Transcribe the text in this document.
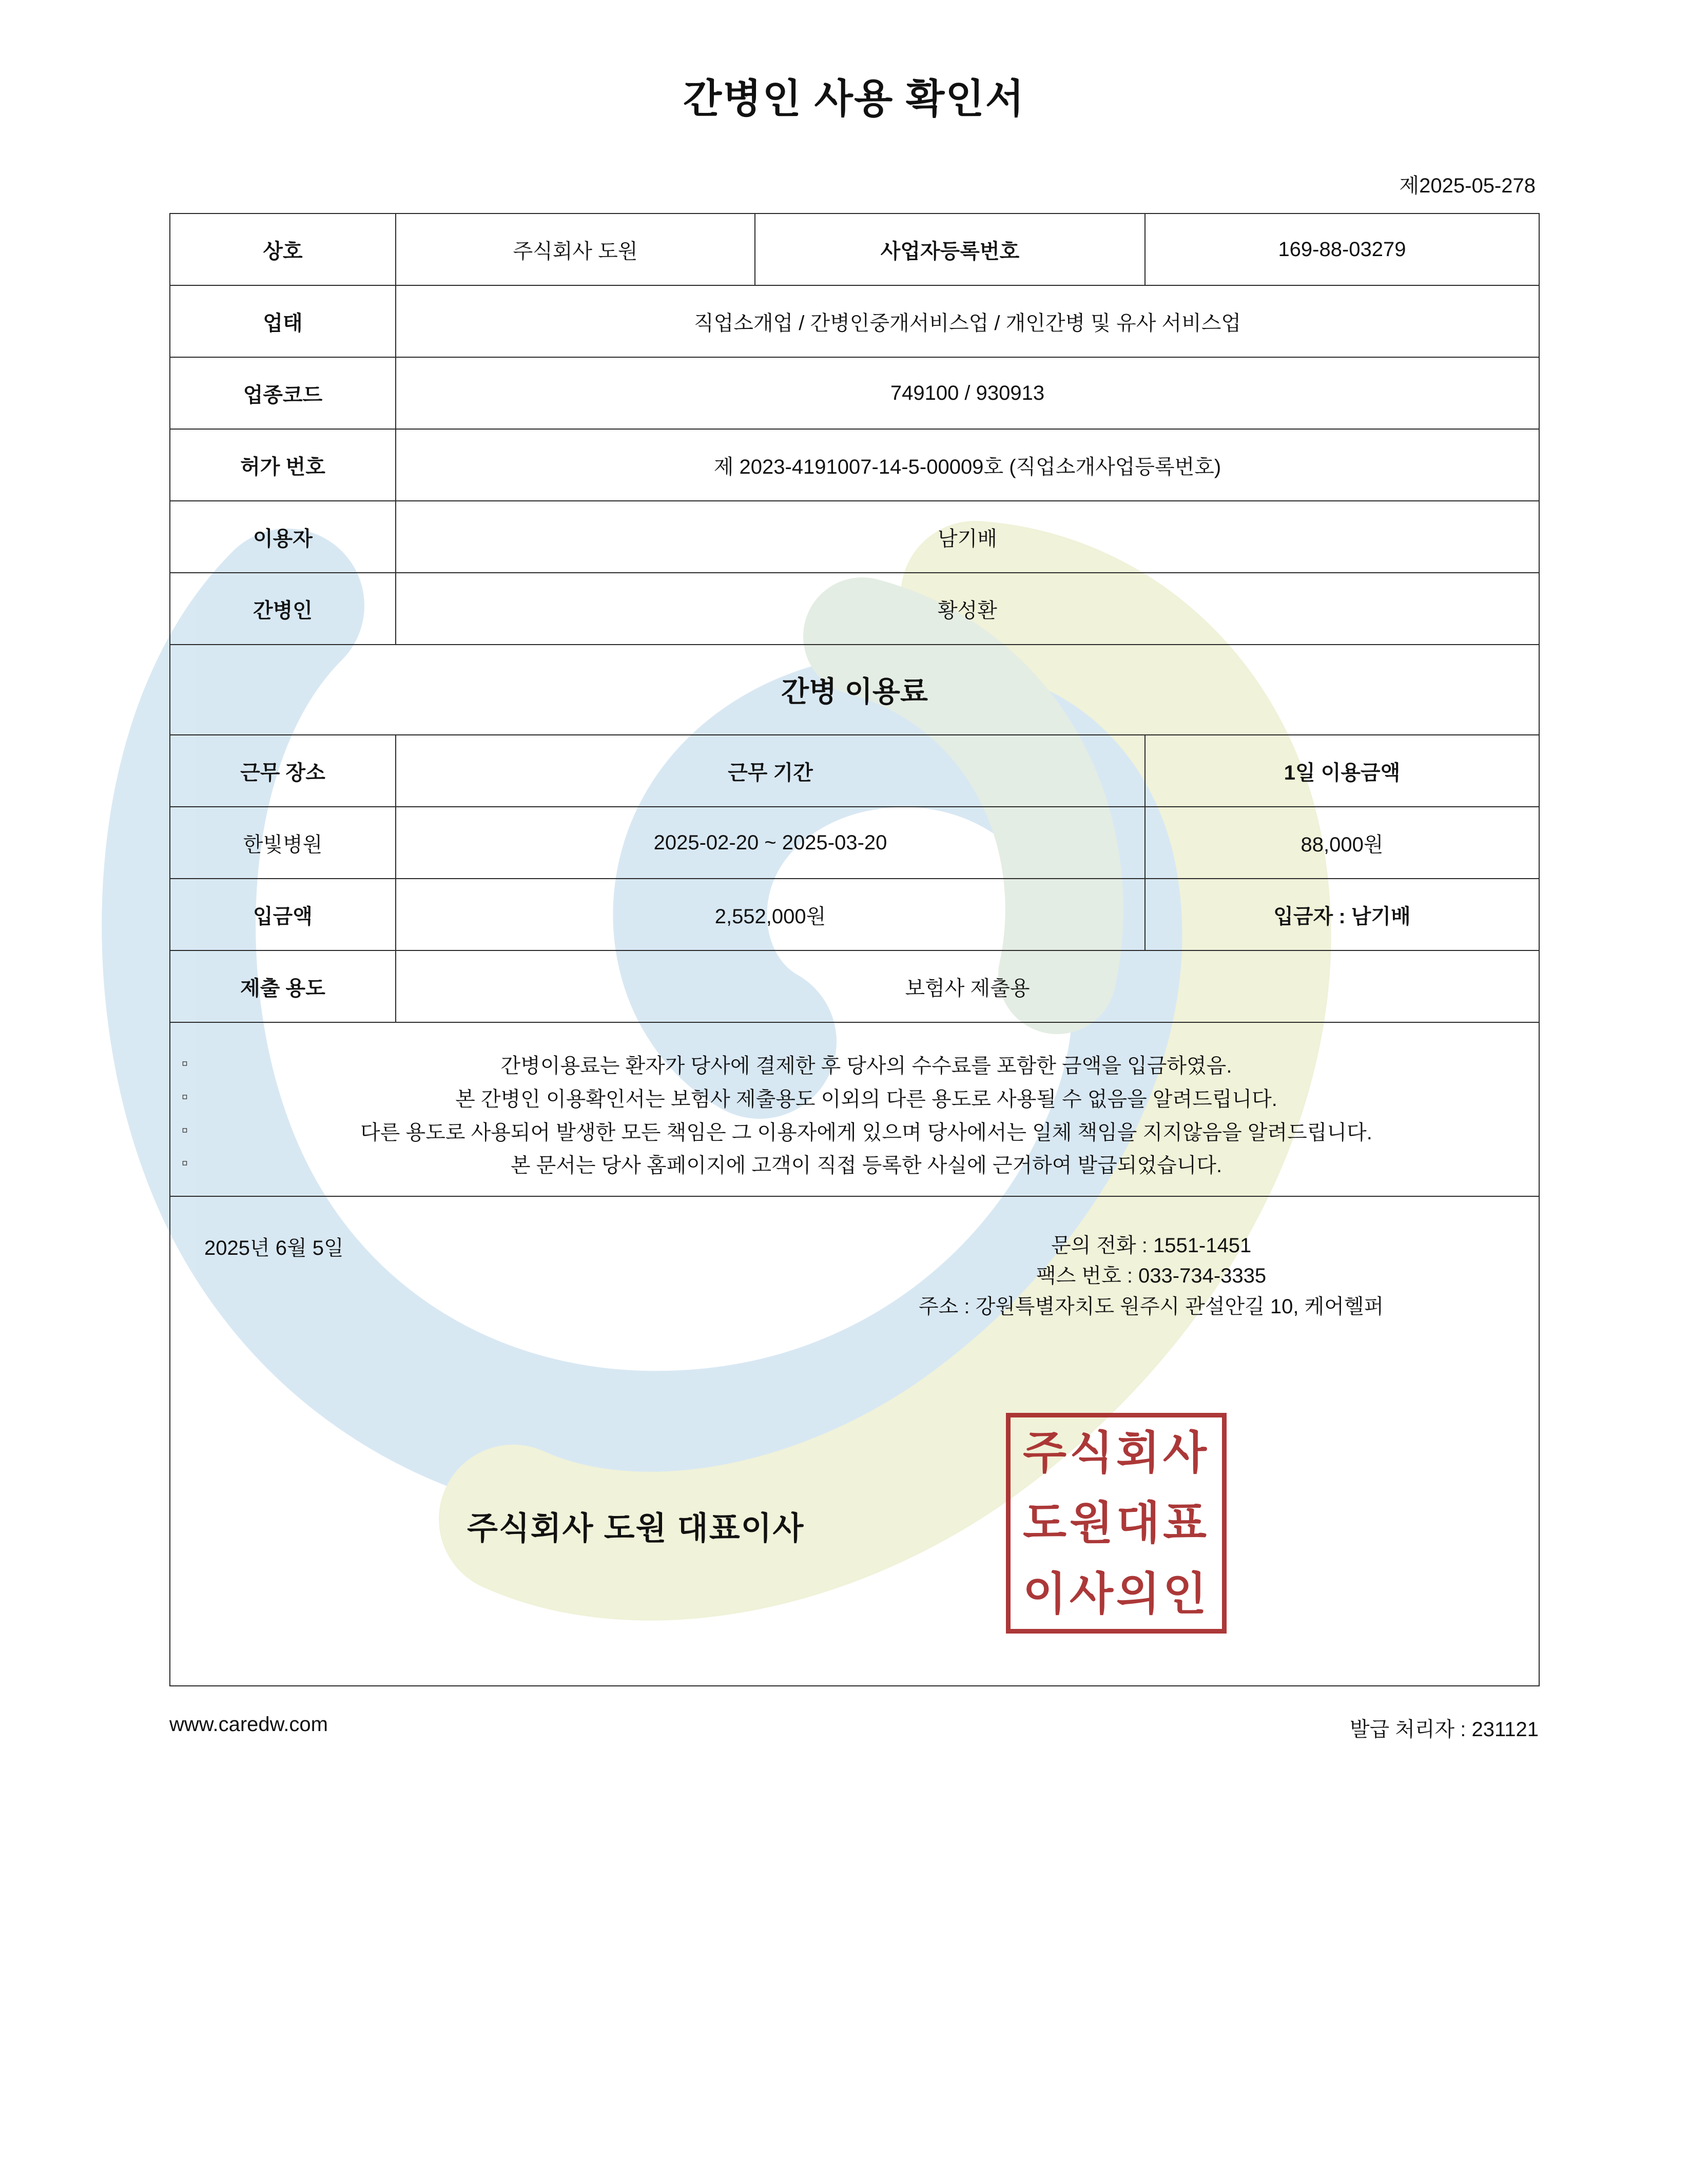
간병인 사용 확인서
제2025-05-278
상호	주식회사 도원	사업자등록번호	169-88-03279
업태	직업소개업 / 간병인중개서비스업 / 개인간병 및 유사 서비스업		
업종코드	749100 / 930913		
허가 번호	제 2023-4191007-14-5-00009호 (직업소개사업등록번호)		
이용자	남기배		
간병인	황성환		
간병 이용료			
근무 장소	근무 기간		1일 이용금액
한빛병원	2025-02-20 ~ 2025-03-20		88,000원
입금액	2,552,000원		입금자 : 남기배
제출 용도	보험사 제출용		

▫ 간병이용료는 환자가 당사에 결제한 후 당사의 수수료를 포함한 금액을 입금하였음.
▫ 본 간병인 이용확인서는 보험사 제출용도 이외의 다른 용도로 사용될 수 없음을 알려드립니다.
▫ 다른 용도로 사용되어 발생한 모든 책임은 그 이용자에게 있으며 당사에서는 일체 책임을 지지않음을 알려드립니다.
▫ 본 문서는 당사 홈페이지에 고객이 직접 등록한 사실에 근거하여 발급되었습니다.

2025년 6월 5일	문의 전화 : 1551-1451
팩스 번호 : 033-734-3335
주소 : 강원특별자치도 원주시 관설안길 10, 케어헬퍼
주식회사 도원 대표이사
주식회사
도원대표
이사의인
www.caredw.com	발급 처리자 : 231121
